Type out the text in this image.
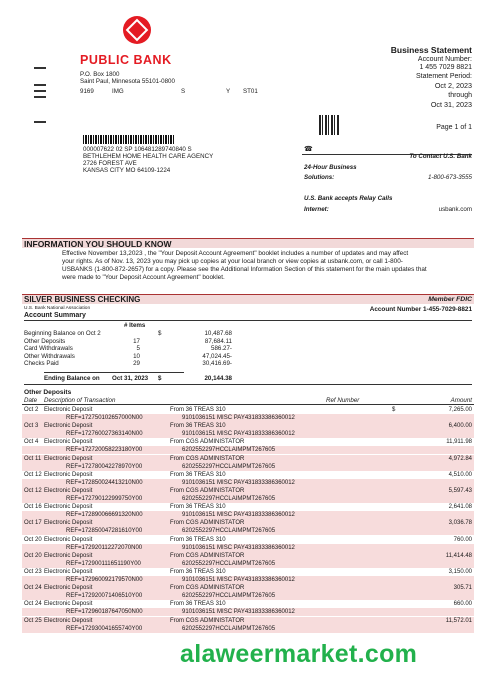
PUBLIC BANK
P.O. Box 1800
Saint Paul, Minnesota 55101-0800
9169	IMG	S	Y ST01
Business Statement
Account Number:
1 455 7029 8821
Statement Period:
Oct 2, 2023
through
Oct 31, 2023
Page 1 of 1
000007622 02 SP 106481289740840 S
BETHLEHEM HOME HEALTH CARE AGENCY
2726 FOREST AVE
KANSAS CITY MO 64109-1224
☎
To Contact U.S. Bank
24-Hour Business
Solutions:	1-800-673-3555
U.S. Bank accepts Relay Calls
Internet:	usbank.com
INFORMATION YOU SHOULD KNOW
Effective November 13,2023 , the "Your Deposit Account Agreement" booklet includes a number of updates and may affect
your rights. As of Nov. 13, 2023 you may pick up copies at your local branch or view copies at usbank.com, or call 1-800-
USBANKS (1-800-872-2657) for a copy. Please see the Additional Information Section of this statement for the main updates that
were made to "Your Deposit Account Agreement" booklet.
SILVER BUSINESS CHECKING	Member FDIC
U.S. Bank National Association
Account Summary
Account Number 1-455-7029-8821
# Items
Beginning Balance on Oct 2	$	10,487.68
Other Deposits	17	87,684.11
Card Withdrawals	5	586.27-
Other Withdrawals	10	47,024.45-
Checks Paid	29	30,416.69-
Ending Balance on Oct 31, 2023 $	20,144.38
Other Deposits
Date Description of Transaction	Ref Number	Amount
Oct 2 Electronic Deposit	From 36 TREAS 310	$	7,265.00
REF=172750102657000N00	9101036151 MISC PAY431833386360012
Oct 3 Electronic Deposit	From 36 TREAS 310	6,400.00
REF=172760027363140N00	9101036151 MISC PAY431833386360012
Oct 4 Electronic Deposit	From CGS ADMINISTATOR	11,911.98
REF=172720058223180Y00	6202552297HCCLAIMPMT267605
Oct 11 Electronic Deposit	From CGS ADMINISTATOR	4,972.84
REF=172780042278970Y00	6202552297HCCLAIMPMT267605
Oct 12 Electronic Deposit	From 36 TREAS 310	4,510.00
REF=172850024413210N00	9101036151 MISC PAY431833386360012
Oct 12 Electronic Deposit	From CGS ADMINISTATOR	5,597.43
REF=172790122999750Y00	6202552297HCCLAIMPMT267605
Oct 16 Electronic Deposit	From 36 TREAS 310	2,641.08
REF=172890066691320N00	9101036151 MISC PAY431833386360012
Oct 17 Electronic Deposit	From CGS ADMINISTATOR	3,036.78
REF=172850047281610Y00	6202552297HCCLAIMPMT267605
Oct 20 Electronic Deposit	From 36 TREAS 310	760.00
REF=172920112272070N00	9101036151 MISC PAY431833386360012
Oct 20 Electronic Deposit	From CGS ADMINISTATOR	11,414.48
REF=172900111651190Y00	6202552297HCCLAIMPMT267605
Oct 23 Electronic Deposit	From 36 TREAS 310	3,150.00
REF=172960092179570N00	9101036151 MISC PAY431833386360012
Oct 24 Electronic Deposit	From CGS ADMINISTATOR	305.71
REF=172920071406510Y00	6202552297HCCLAIMPMT267605
Oct 24 Electronic Deposit	From 36 TREAS 310	660.00
REF=172960187647050N00	9101036151 MISC PAY431833386360012
Oct 25 Electronic Deposit	From CGS ADMINISTATOR	11,572.01
REF=172930041655740Y00	6202552297HCCLAIMPMT267605
alaweermarket.com
